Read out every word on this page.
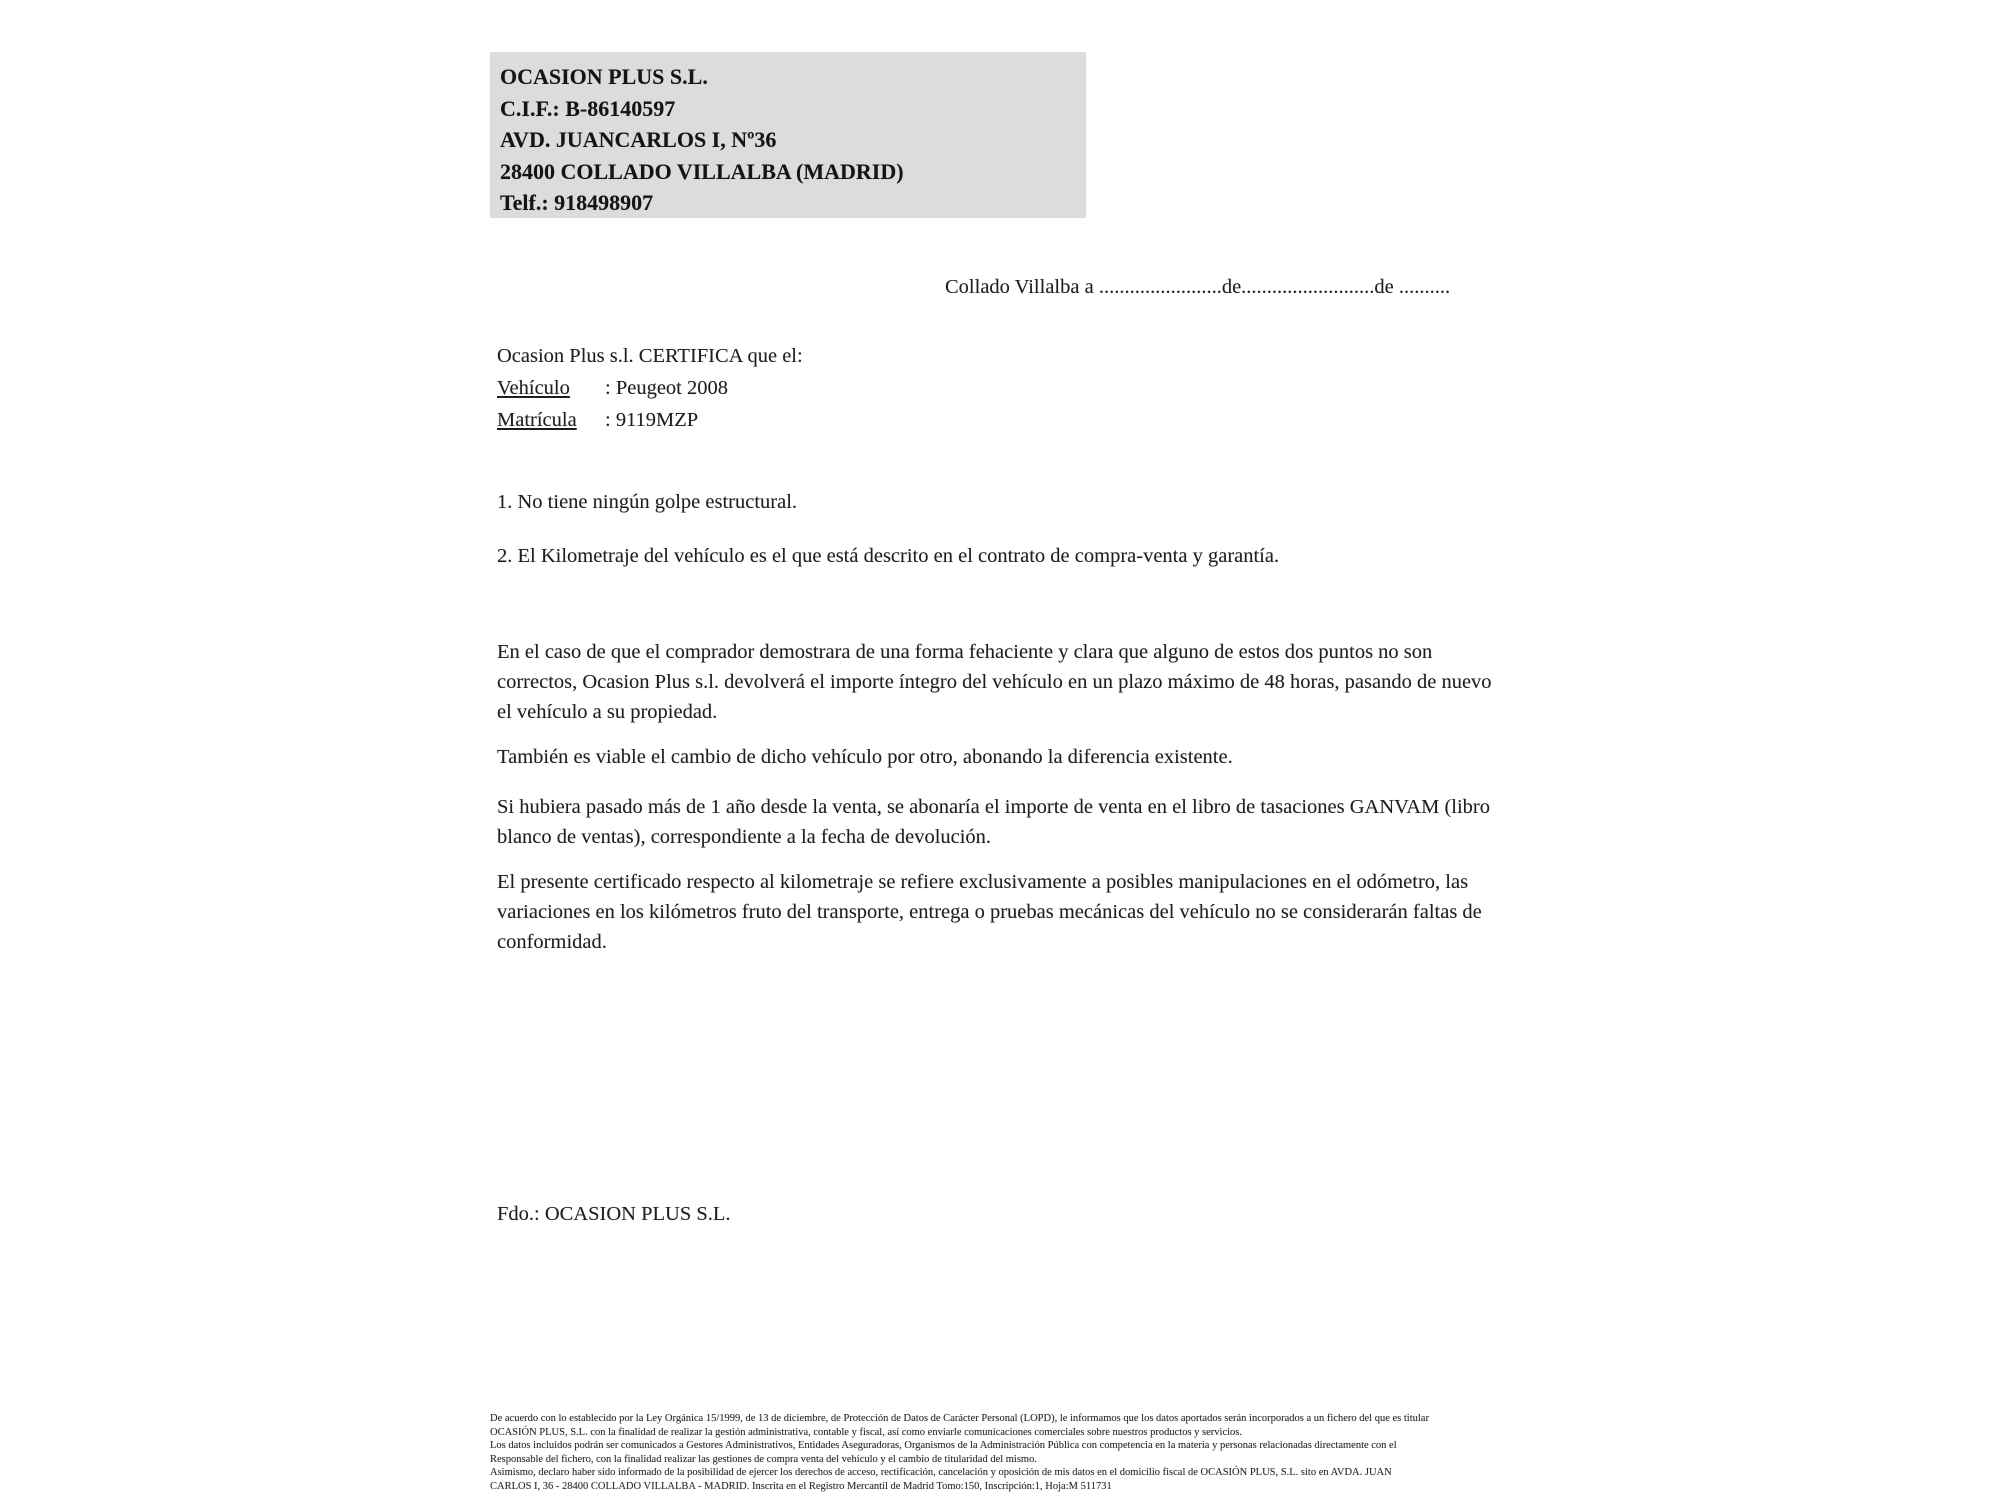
OCASION PLUS S.L.
C.I.F.: B-86140597
AVD. JUANCARLOS I, Nº36
28400 COLLADO VILLALBA (MADRID)
Telf.: 918498907
Collado Villalba a ........................de..........................de ..........
Ocasion Plus s.l. CERTIFICA que el:
Vehículo : Peugeot 2008
Matrícula : 9119MZP
1. No tiene ningún golpe estructural.
2. El Kilometraje del vehículo es el que está descrito en el contrato de compra-venta y garantía.
En el caso de que el comprador demostrara de una forma fehaciente y clara que alguno de estos dos puntos no son correctos, Ocasion Plus s.l. devolverá el importe íntegro del vehículo en un plazo máximo de 48 horas, pasando de nuevo el vehículo a su propiedad.
También es viable el cambio de dicho vehículo por otro, abonando la diferencia existente.
Si hubiera pasado más de 1 año desde la venta, se abonaría el importe de venta en el libro de tasaciones GANVAM (libro blanco de ventas), correspondiente a la fecha de devolución.
El presente certificado respecto al kilometraje se refiere exclusivamente a posibles manipulaciones en el odómetro, las variaciones en los kilómetros fruto del transporte, entrega o pruebas mecánicas del vehículo no se considerarán faltas de conformidad.
Fdo.: OCASION PLUS S.L.
De acuerdo con lo establecido por la Ley Orgánica 15/1999, de 13 de diciembre, de Protección de Datos de Carácter Personal (LOPD), le informamos que los datos aportados serán incorporados a un fichero del que es titular
OCASIÓN PLUS, S.L. con la finalidad de realizar la gestión administrativa, contable y fiscal, así como enviarle comunicaciones comerciales sobre nuestros productos y servicios.
Los datos incluidos podrán ser comunicados a Gestores Administrativos, Entidades Aseguradoras, Organismos de la Administración Pública con competencia en la materia y personas relacionadas directamente con el
Responsable del fichero, con la finalidad realizar las gestiones de compra venta del vehículo y el cambio de titularidad del mismo.
Asimismo, declaro haber sido informado de la posibilidad de ejercer los derechos de acceso, rectificación, cancelación y oposición de mis datos en el domicilio fiscal de OCASIÓN PLUS, S.L. sito en AVDA. JUAN
CARLOS I, 36 - 28400 COLLADO VILLALBA - MADRID. Inscrita en el Registro Mercantil de Madrid Tomo:150, Inscripción:1, Hoja:M 511731
